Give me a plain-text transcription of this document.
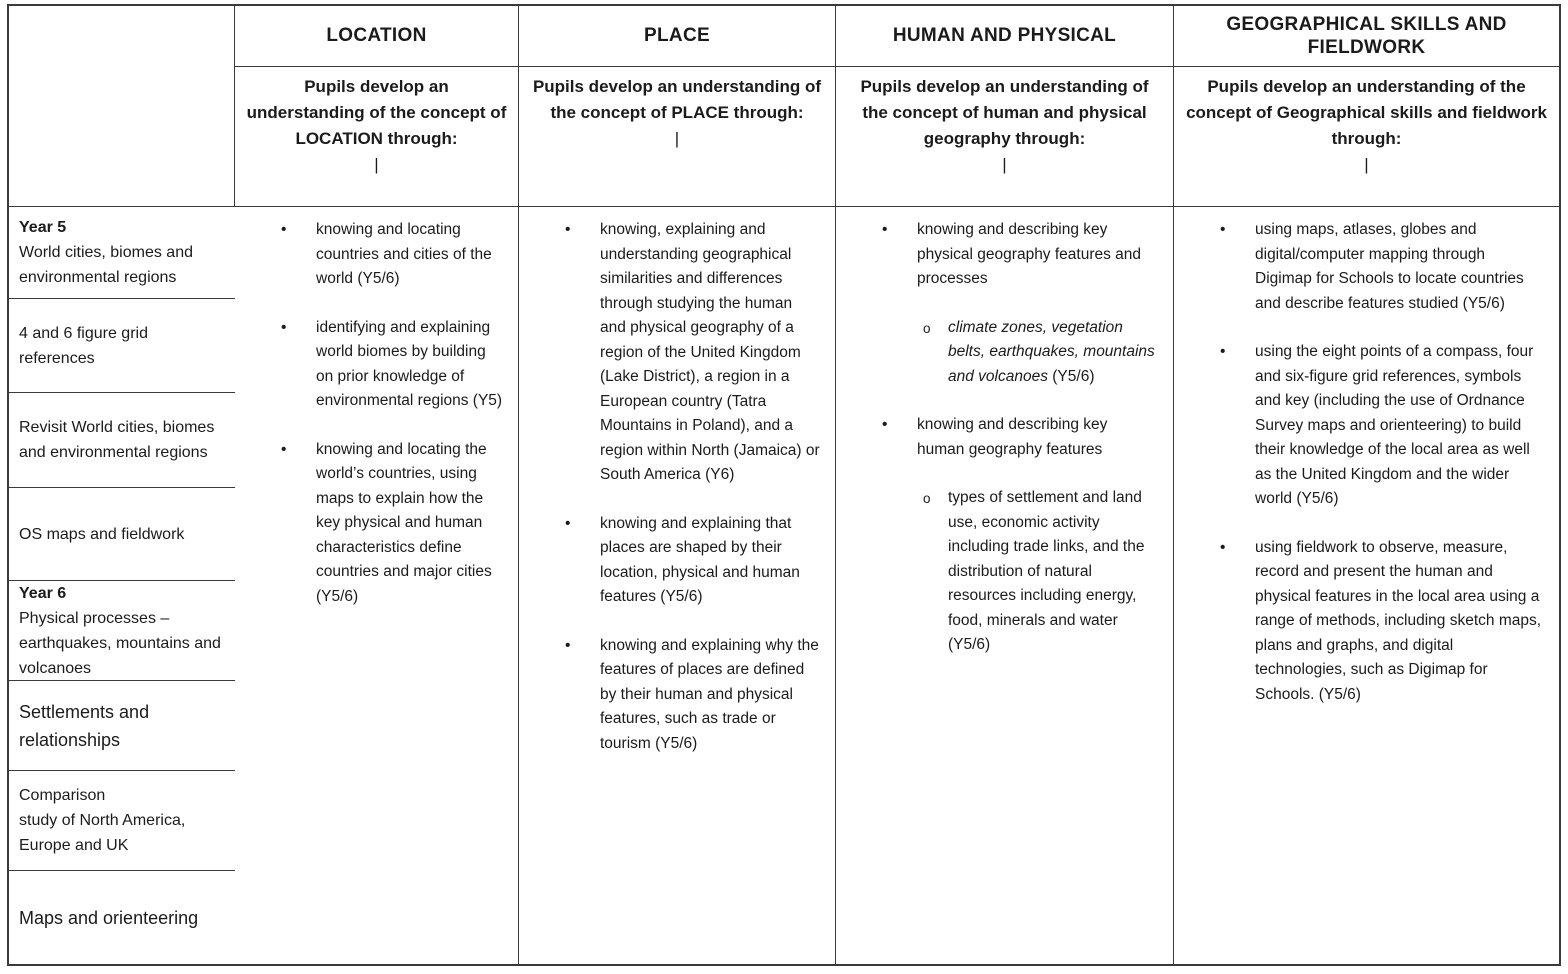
LOCATION	PLACE	HUMAN AND PHYSICAL
GEOGRAPHICAL SKILLS AND FIELDWORK
Pupils develop an understanding of the concept of LOCATION through:
|
Pupils develop an understanding of the concept of PLACE through:
|
Pupils develop an understanding of the concept of human and physical geography through:
|
Pupils develop an understanding of the concept of Geographical skills and fieldwork through:
|
Year 5
World cities, biomes and environmental regions
4 and 6 figure grid references
Revisit World cities, biomes and environmental regions
OS maps and fieldwork
Year 6
Physical processes – earthquakes, mountains and volcanoes
Settlements and relationships
Comparison
study of North America, Europe and UK
Maps and orienteering
• knowing and locating countries and cities of the world (Y5/6)
• identifying and explaining world biomes by building on prior knowledge of environmental regions (Y5)
• knowing and locating the world’s countries, using maps to explain how the key physical and human characteristics define countries and major cities (Y5/6)
• knowing, explaining and understanding geographical similarities and differences through studying the human and physical geography of a region of the United Kingdom (Lake District), a region in a European country (Tatra Mountains in Poland), and a region within North (Jamaica) or South America (Y6)
• knowing and explaining that places are shaped by their location, physical and human features (Y5/6)
• knowing and explaining why the features of places are defined by their human and physical features, such as trade or tourism (Y5/6)
• knowing and describing key physical geography features and processes
o climate zones, vegetation belts, earthquakes, mountains and volcanoes (Y5/6)
• knowing and describing key human geography features
o types of settlement and land use, economic activity including trade links, and the distribution of natural resources including energy, food, minerals and water (Y5/6)
• using maps, atlases, globes and digital/computer mapping through Digimap for Schools to locate countries and describe features studied (Y5/6)
• using the eight points of a compass, four and six-figure grid references, symbols and key (including the use of Ordnance Survey maps and orienteering) to build their knowledge of the local area as well as the United Kingdom and the wider world (Y5/6)
• using fieldwork to observe, measure, record and present the human and physical features in the local area using a range of methods, including sketch maps, plans and graphs, and digital technologies, such as Digimap for Schools. (Y5/6)
